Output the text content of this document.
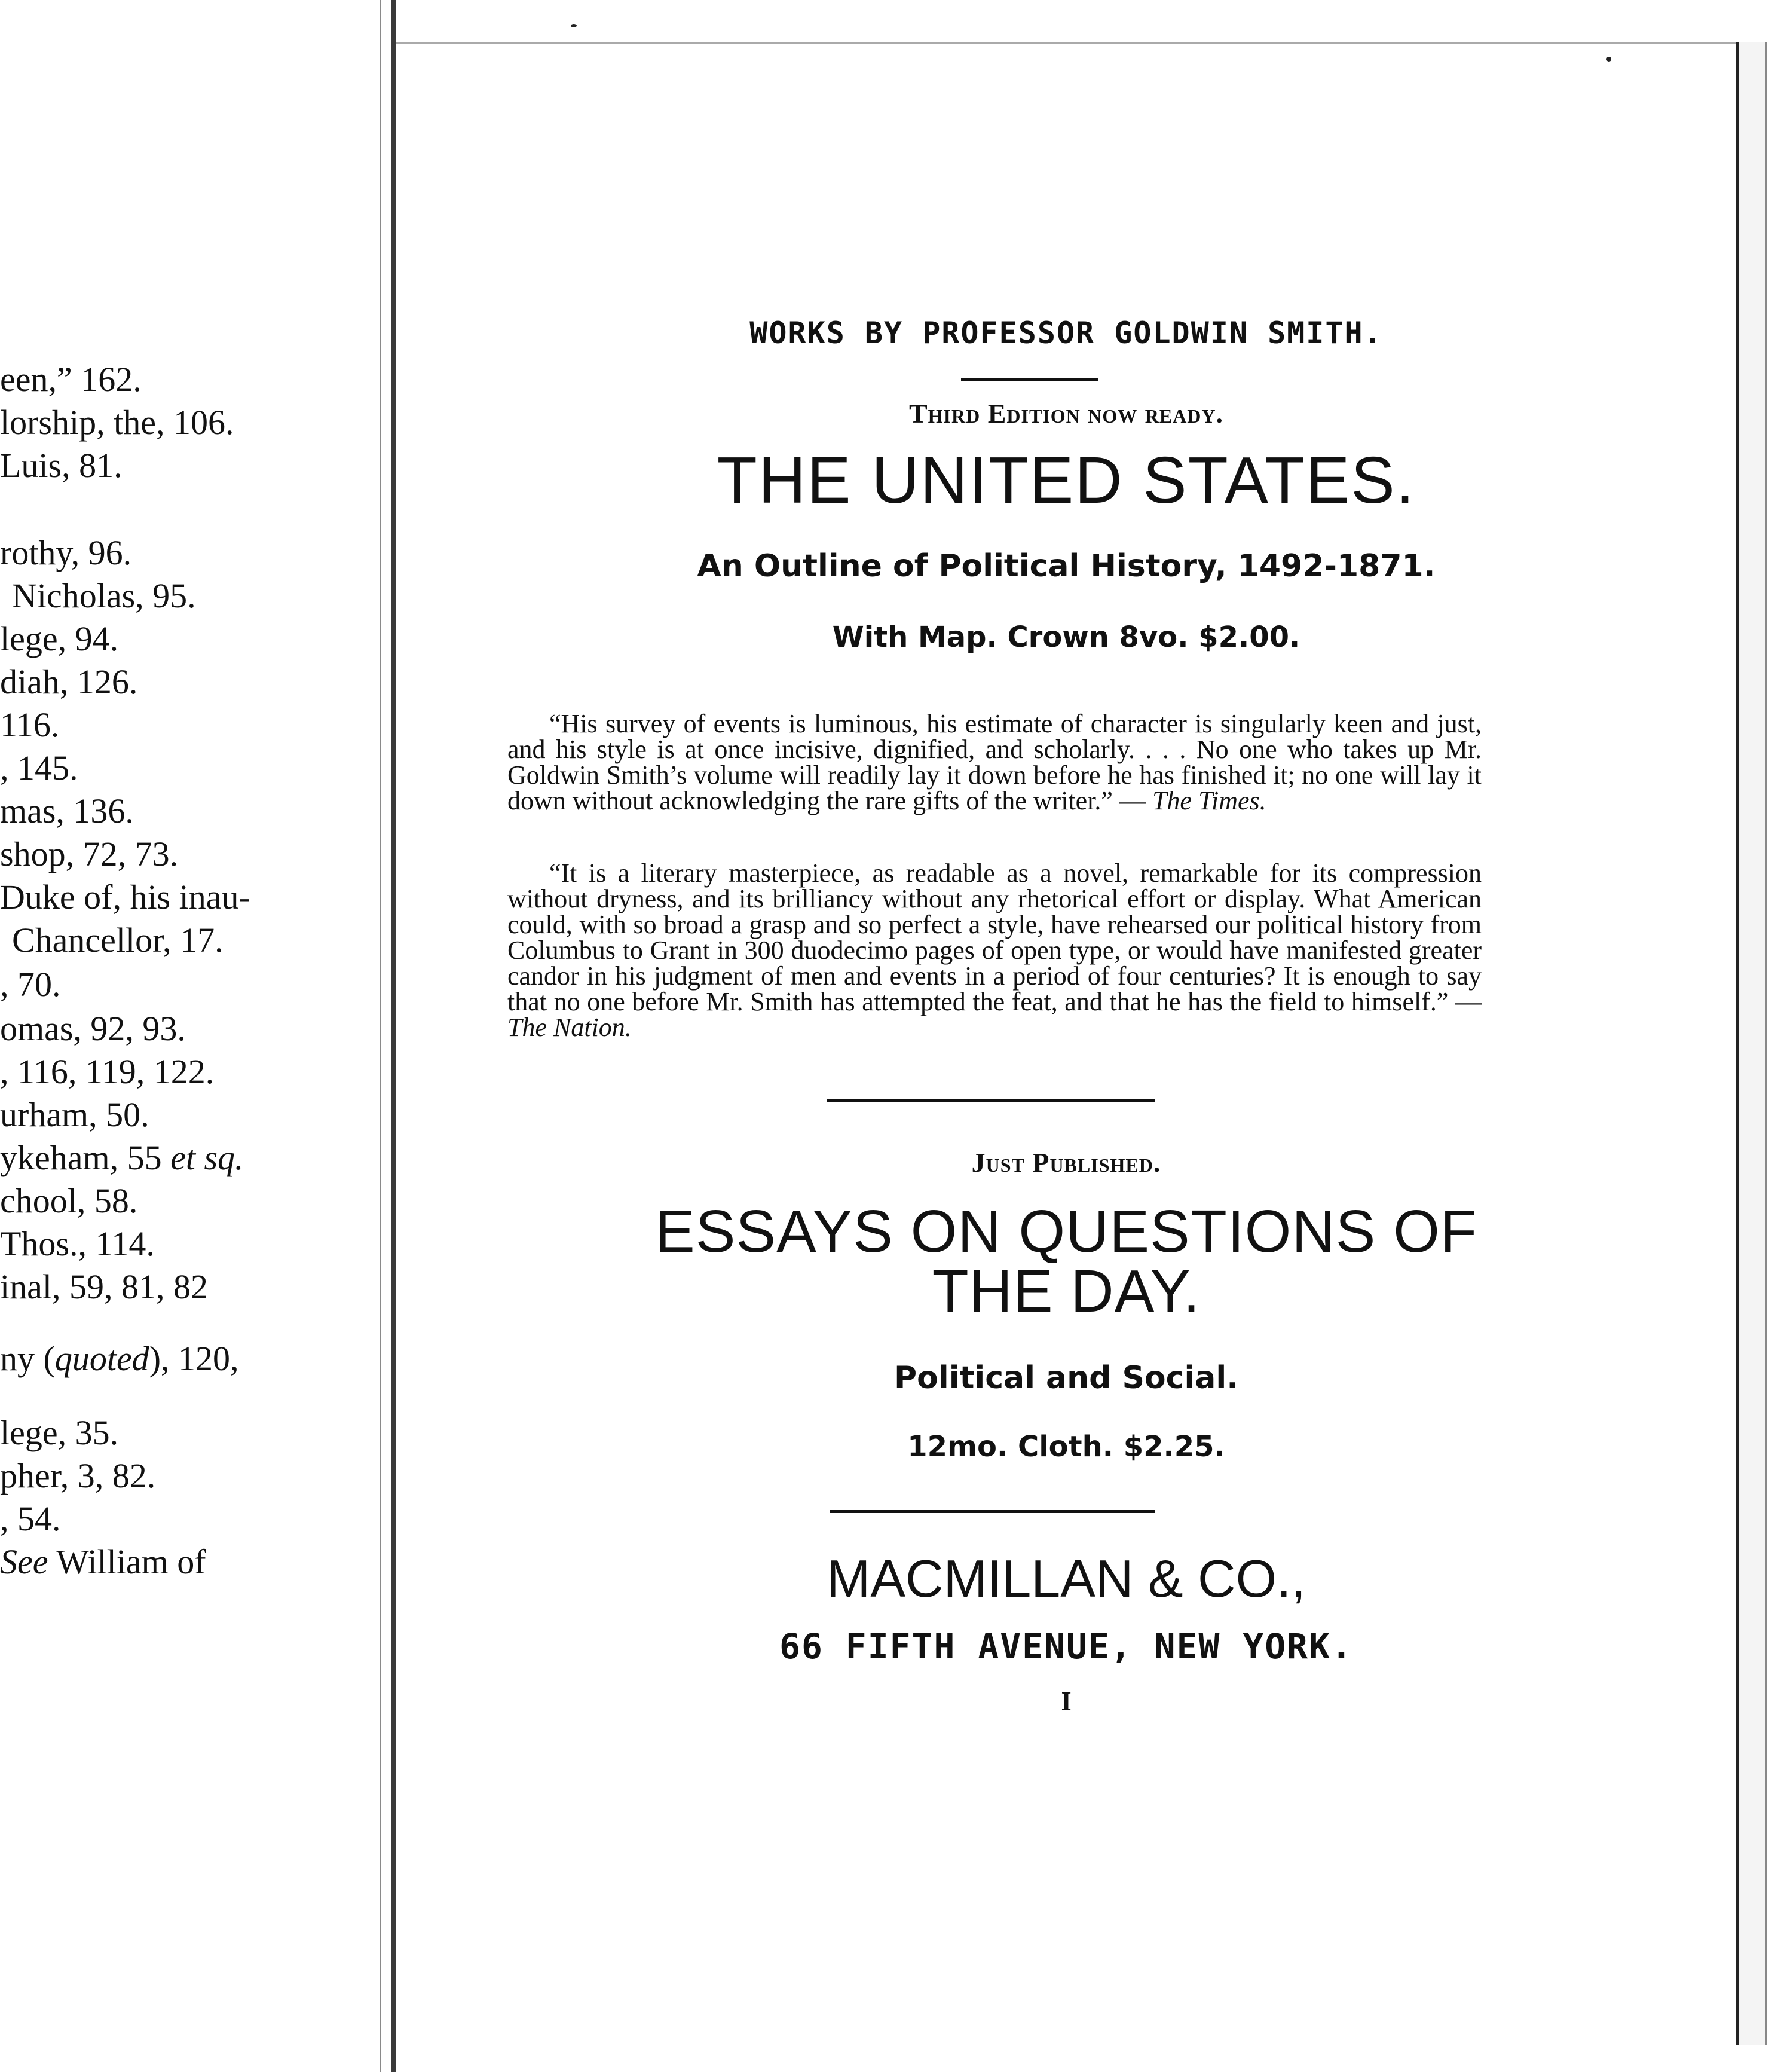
een,” 162.
lorship, the, 106.
Luis, 81.
rothy, 96.
Nicholas, 95.
lege, 94.
diah, 126.
116.
, 145.
mas, 136.
shop, 72, 73.
Duke of, his inau-
Chancellor, 17.
, 70.
omas, 92, 93.
, 116, 119, 122.
urham, 50.
ykeham, 55 et sq.
chool, 58.
Thos., 114.
inal, 59, 81, 82
ny (quoted), 120,
lege, 35.
pher, 3, 82.
, 54.
See William of
WORKS BY PROFESSOR GOLDWIN SMITH.
Third Edition now ready.
THE UNITED STATES.
An Outline of Political History, 1492-1871.
With Map. Crown 8vo. $2.00.

“His survey of events is luminous, his estimate of character is singularly keen and just, and his style is at once incisive, dignified, and scholarly. . . . No one who takes up Mr. Goldwin Smith’s volume will readily lay it down before he has finished it; no one will lay it down without acknowledging the rare gifts of the writer.” — The Times.

“It is a literary masterpiece, as readable as a novel, remarkable for its compression without dryness, and its brilliancy without any rhetorical effort or display. What American could, with so broad a grasp and so perfect a style, have rehearsed our political history from Columbus to Grant in 300 duodecimo pages of open type, or would have manifested greater candor in his judgment of men and events in a period of four centuries? It is enough to say that no one before Mr. Smith has attempted the feat, and that he has the field to himself.” — The Nation.

Just Published.
ESSAYS ON QUESTIONS OF
THE DAY.
Political and Social.
12mo. Cloth. $2.25.
MACMILLAN & CO.,
66 FIFTH AVENUE, NEW YORK.
I
